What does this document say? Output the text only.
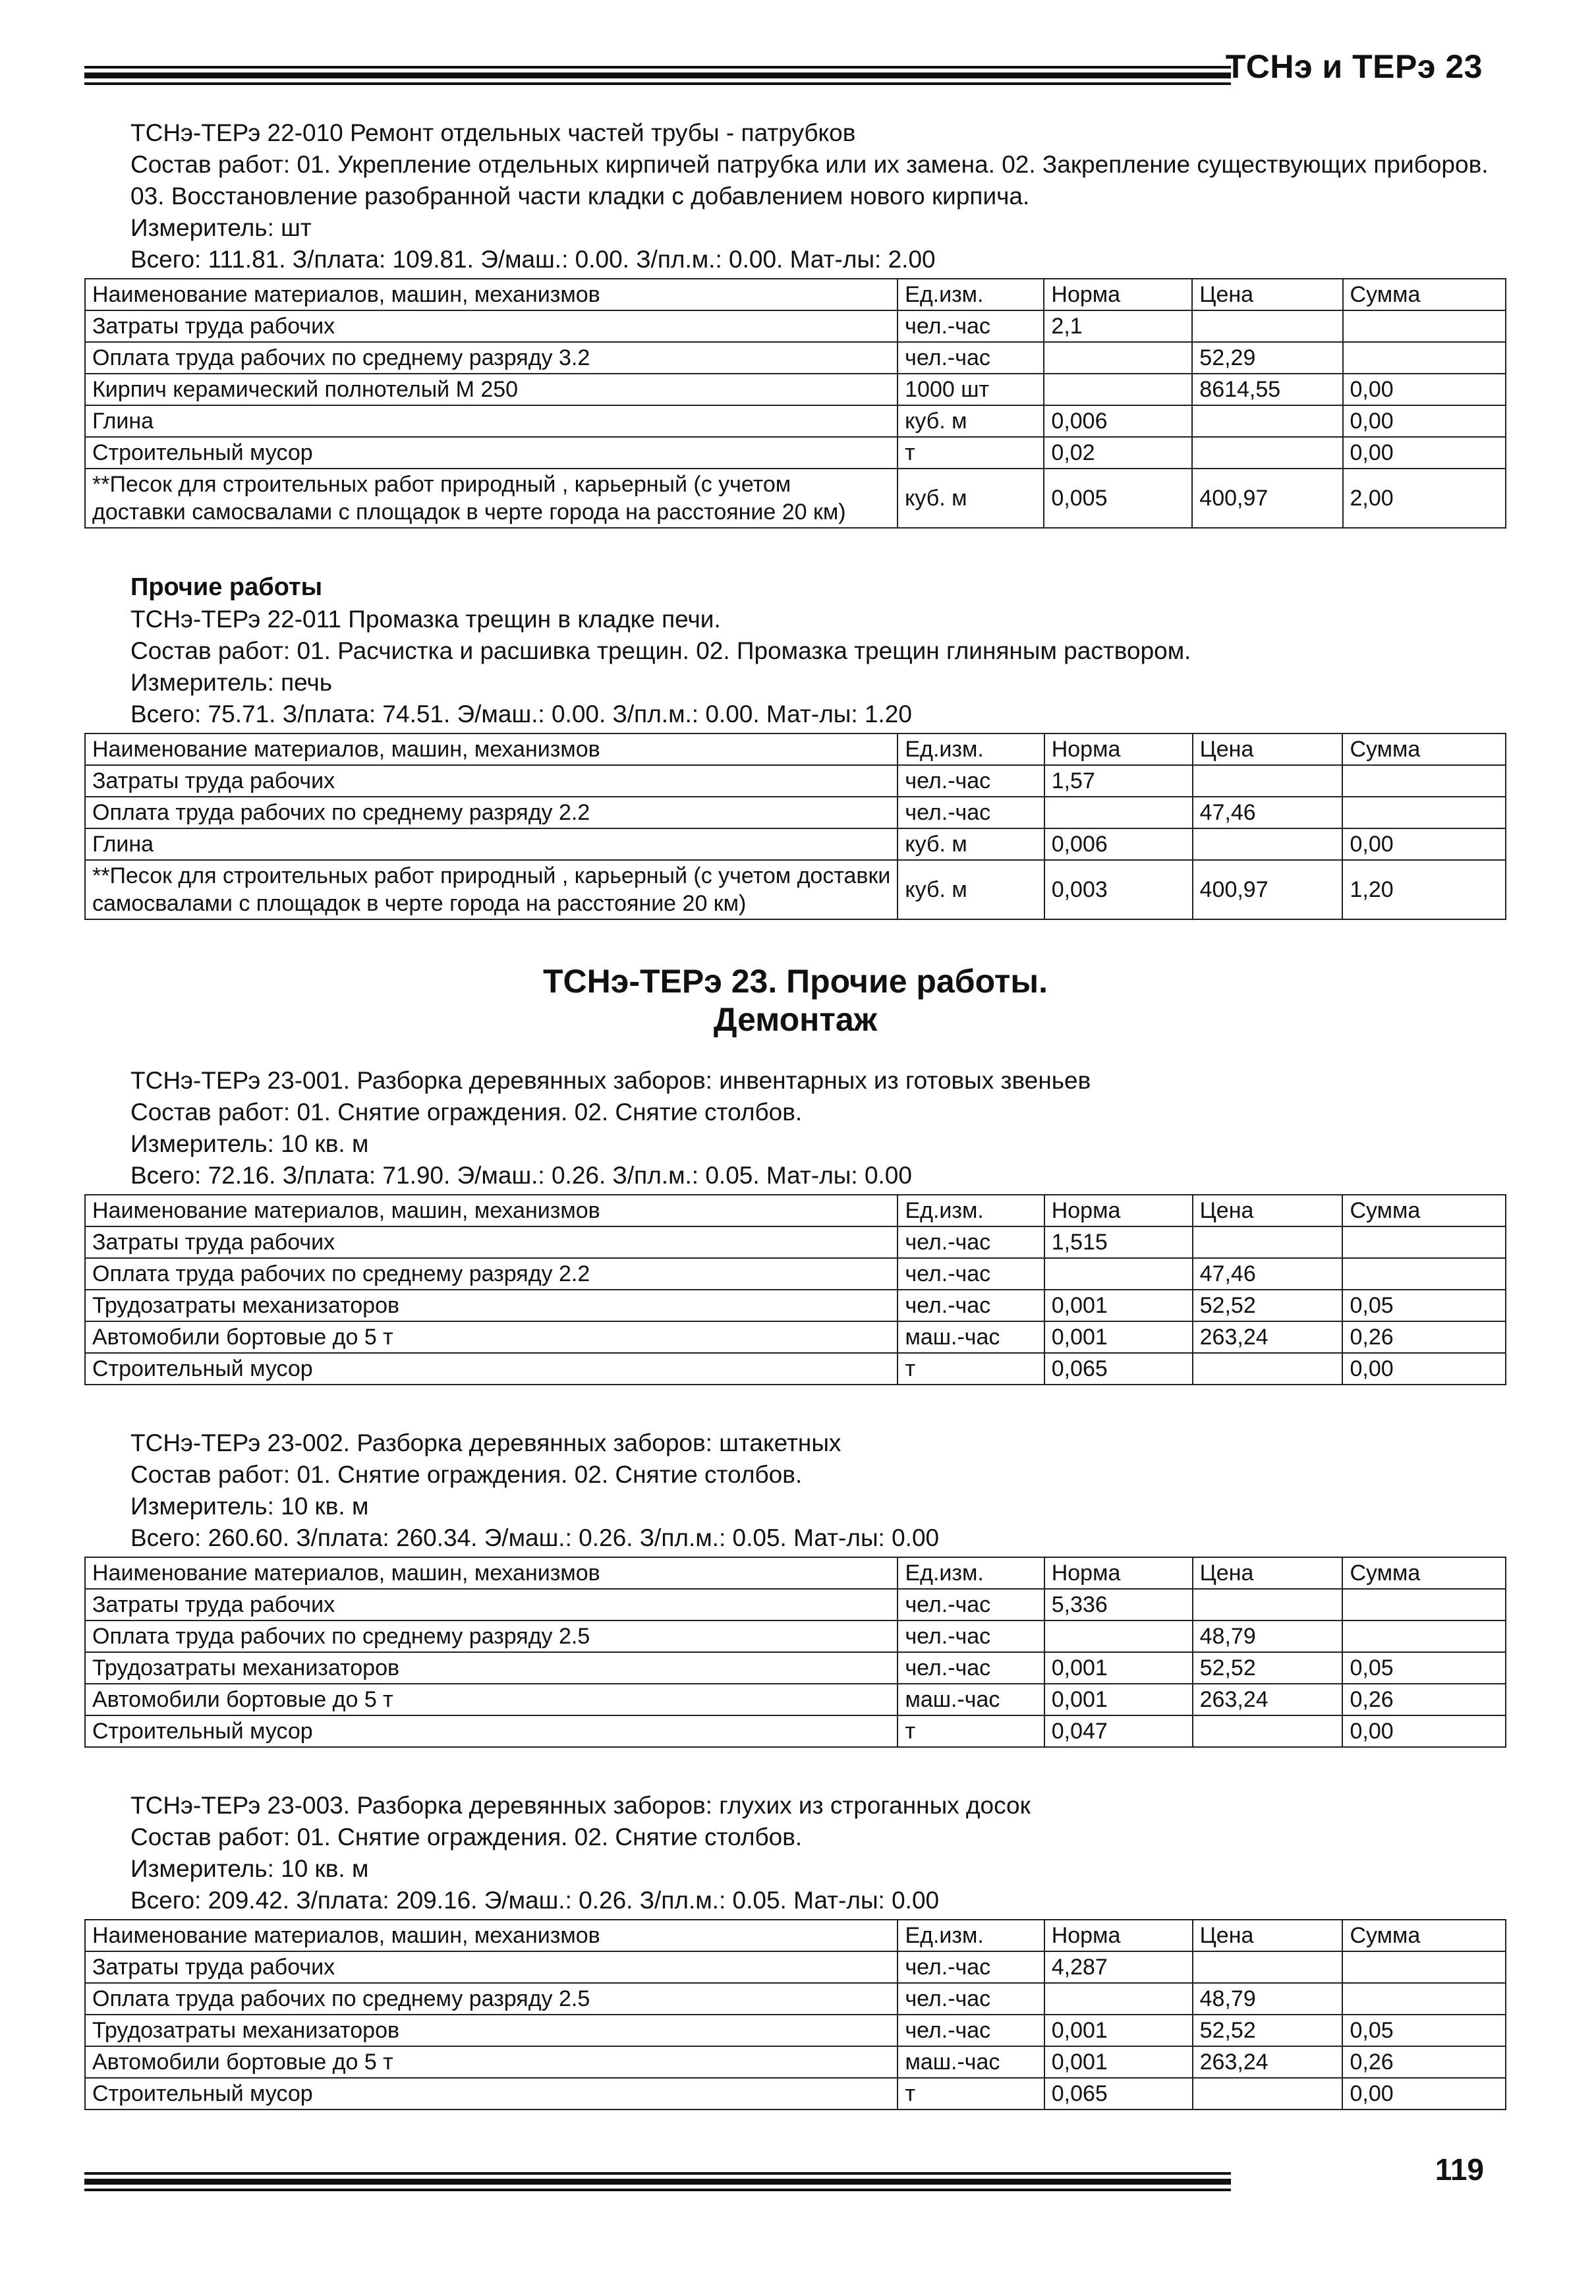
ТСНэ и ТЕРэ 23
ТСНэ-ТЕРэ 22-010 Ремонт отдельных частей трубы - патрубков
Состав работ: 01. Укрепление отдельных кирпичей патрубка или их замена. 02. Закрепление существующих приборов. 03. Восстановление разобранной части кладки с добавлением нового кирпича.
Измеритель: шт
Всего: 111.81. З/плата: 109.81. Э/маш.: 0.00. З/пл.м.: 0.00. Мат-лы: 2.00
Наименование материалов, машин, механизмов	Ед.изм.	Норма	Цена	Сумма
Затраты труда рабочих	чел.-час	2,1		
Оплата труда рабочих по среднему разряду 3.2	чел.-час		52,29	
Кирпич керамический полнотелый М 250	1000 шт		8614,55	0,00
Глина	куб. м	0,006		0,00
Строительный мусор	т	0,02		0,00
**Песок для строительных работ природный , карьерный (с учетом доставки самосвалами с площадок в черте города на расстояние 20 км)	куб. м	0,005	400,97	2,00
Прочие работы
ТСНэ-ТЕРэ 22-011 Промазка трещин в кладке печи.
Состав работ: 01. Расчистка и расшивка трещин. 02. Промазка трещин глиняным раствором.
Измеритель: печь
Всего: 75.71. З/плата: 74.51. Э/маш.: 0.00. З/пл.м.: 0.00. Мат-лы: 1.20
Наименование материалов, машин, механизмов	Ед.изм.	Норма	Цена	Сумма
Затраты труда рабочих	чел.-час	1,57		
Оплата труда рабочих по среднему разряду 2.2	чел.-час		47,46	
Глина	куб. м	0,006		0,00
**Песок для строительных работ природный , карьерный (с учетом доставки самосвалами с площадок в черте города на расстояние 20 км)	куб. м	0,003	400,97	1,20
ТСНэ-ТЕРэ 23. Прочие работы.
Демонтаж
ТСНэ-ТЕРэ 23-001. Разборка деревянных заборов: инвентарных из готовых звеньев
Состав работ: 01. Снятие ограждения. 02. Снятие столбов.
Измеритель: 10 кв. м
Всего: 72.16. З/плата: 71.90. Э/маш.: 0.26. З/пл.м.: 0.05. Мат-лы: 0.00
Наименование материалов, машин, механизмов	Ед.изм.	Норма	Цена	Сумма
Затраты труда рабочих	чел.-час	1,515		
Оплата труда рабочих по среднему разряду 2.2	чел.-час		47,46	
Трудозатраты механизаторов	чел.-час	0,001	52,52	0,05
Автомобили бортовые до 5 т	маш.-час	0,001	263,24	0,26
Строительный мусор	т	0,065		0,00
ТСНэ-ТЕРэ 23-002. Разборка деревянных заборов: штакетных
Состав работ: 01. Снятие ограждения. 02. Снятие столбов.
Измеритель: 10 кв. м
Всего: 260.60. З/плата: 260.34. Э/маш.: 0.26. З/пл.м.: 0.05. Мат-лы: 0.00
Наименование материалов, машин, механизмов	Ед.изм.	Норма	Цена	Сумма
Затраты труда рабочих	чел.-час	5,336		
Оплата труда рабочих по среднему разряду 2.5	чел.-час		48,79	
Трудозатраты механизаторов	чел.-час	0,001	52,52	0,05
Автомобили бортовые до 5 т	маш.-час	0,001	263,24	0,26
Строительный мусор	т	0,047		0,00
ТСНэ-ТЕРэ 23-003. Разборка деревянных заборов: глухих из строганных досок
Состав работ: 01. Снятие ограждения. 02. Снятие столбов.
Измеритель: 10 кв. м
Всего: 209.42. З/плата: 209.16. Э/маш.: 0.26. З/пл.м.: 0.05. Мат-лы: 0.00
Наименование материалов, машин, механизмов	Ед.изм.	Норма	Цена	Сумма
Затраты труда рабочих	чел.-час	4,287		
Оплата труда рабочих по среднему разряду 2.5	чел.-час		48,79	
Трудозатраты механизаторов	чел.-час	0,001	52,52	0,05
Автомобили бортовые до 5 т	маш.-час	0,001	263,24	0,26
Строительный мусор	т	0,065		0,00
119
